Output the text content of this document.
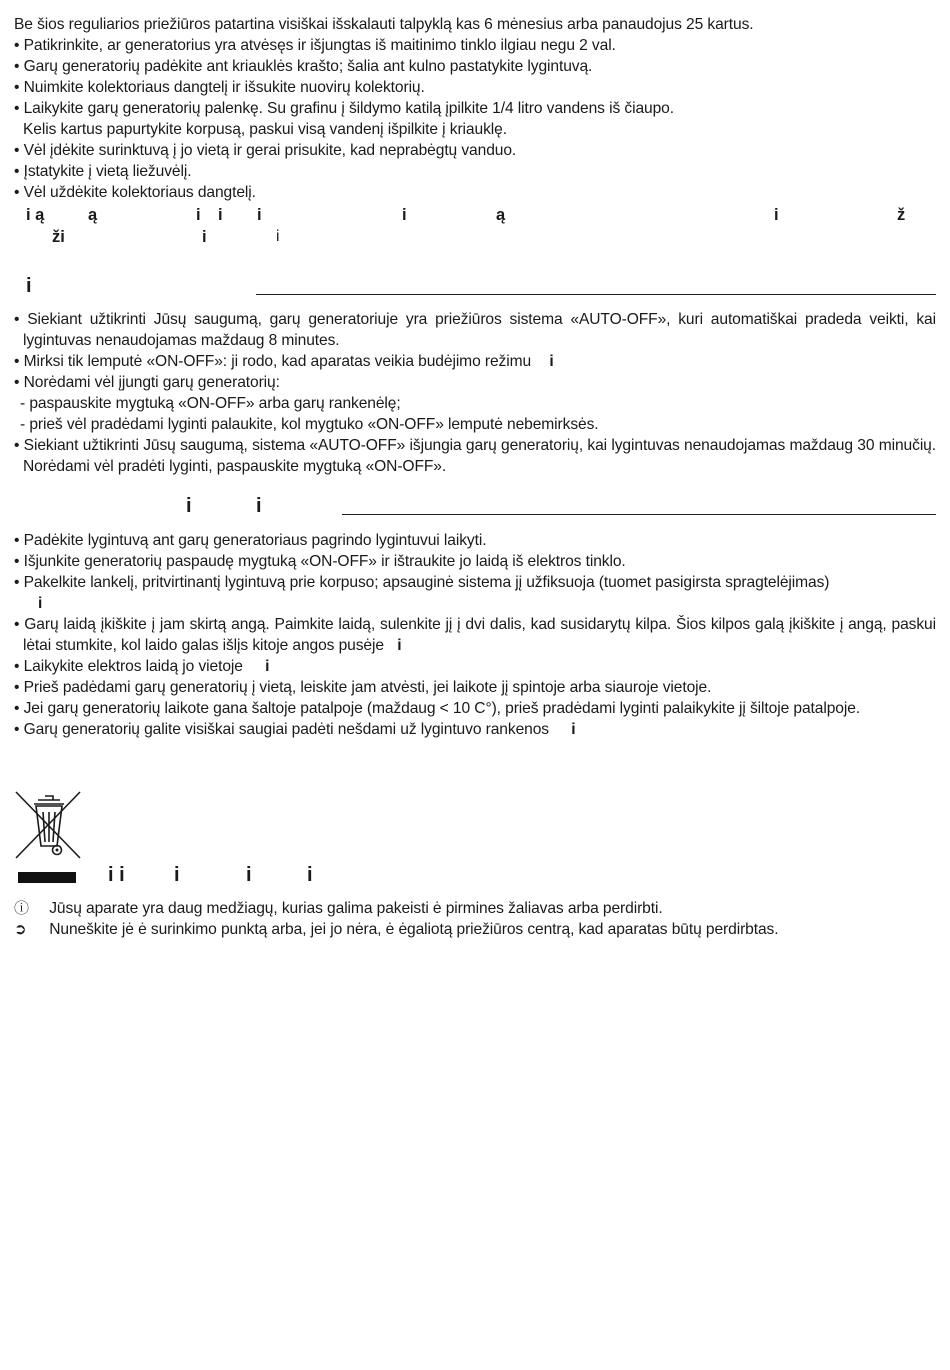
Be šios reguliarios priežiūros patartina visiškai išskalauti talpyklą kas 6 mėnesius arba panaudojus 25 kartus.
• Patikrinkite, ar generatorius yra atvėsęs ir išjungtas iš maitinimo tinklo ilgiau negu 2 val.
• Garų generatorių padėkite ant kriauklės krašto; šalia ant kulno pastatykite lygintuvą.
• Nuimkite kolektoriaus dangtelį ir išsukite nuovirų kolektorių.
• Laikykite garų generatorių palenkę. Su grafinu į šildymo katilą įpilkite 1/4 litro vandens iš čiaupo.
Kelis kartus papurtykite korpusą, paskui visą vandenį išpilkite į kriauklę.
• Vėl įdėkite surinktuvą į jo vietą ir gerai prisukite, kad neprabėgtų vanduo.
• Įstatykite į vietą liežuvėlį.
• Vėl uždėkite kolektoriaus dangtelį.
i ą	ą	i i i	i	ą	i	ž
ži	i	i
i
• Siekiant užtikrinti Jūsų saugumą, garų generatoriuje yra priežiūros sistema «AUTO-OFF», kuri automatiškai pradeda veikti, kai lygintuvas nenaudojamas maždaug 8 minutes.
• Mirksi tik lemputė «ON-OFF»: ji rodo, kad aparatas veikia budėjimo režimu i
• Norėdami vėl įjungti garų generatorių:
- paspauskite mygtuką «ON-OFF» arba garų rankenėlę;
- prieš vėl pradėdami lyginti palaukite, kol mygtuko «ON-OFF» lemputė nebemirksės.
• Siekiant užtikrinti Jūsų saugumą, sistema «AUTO-OFF» išjungia garų generatorių, kai lygintuvas nenaudojamas maždaug 30 minučių. Norėdami vėl pradėti lyginti, paspauskite mygtuką «ON-OFF».
i	i
• Padėkite lygintuvą ant garų generatoriaus pagrindo lygintuvui laikyti.
• Išjunkite generatorių paspaudę mygtuką «ON-OFF» ir ištraukite jo laidą iš elektros tinklo.
• Pakelkite lankelį, pritvirtinantį lygintuvą prie korpuso; apsauginė sistema jį užfiksuoja (tuomet pasigirsta spragtelėjimas)
i
• Garų laidą įkiškite į jam skirtą angą. Paimkite laidą, sulenkite jį į dvi dalis, kad susidarytų kilpa. Šios kilpos galą įkiškite į angą, paskui lėtai stumkite, kol laido galas išlįs kitoje angos pusėje i
• Laikykite elektros laidą jo vietoje i
• Prieš padėdami garų generatorių į vietą, leiskite jam atvėsti, jei laikote jį spintoje arba siauroje vietoje.
• Jei garų generatorių laikote gana šaltoje patalpoje (maždaug < 10 C°), prieš pradėdami lyginti palaikykite jį šiltoje patalpoje.
• Garų generatorių galite visiškai saugiai padėti nešdami už lygintuvo rankenos i
i i i	i	i
ⓘ Jūsų aparate yra daug medžiagų, kurias galima pakeisti ė pirmines žaliavas arba perdirbti.
➲ Nuneškite jė ė surinkimo punktą arba, jei jo nėra, ė ėgaliotą priežiūros centrą, kad aparatas būtų perdirbtas.
